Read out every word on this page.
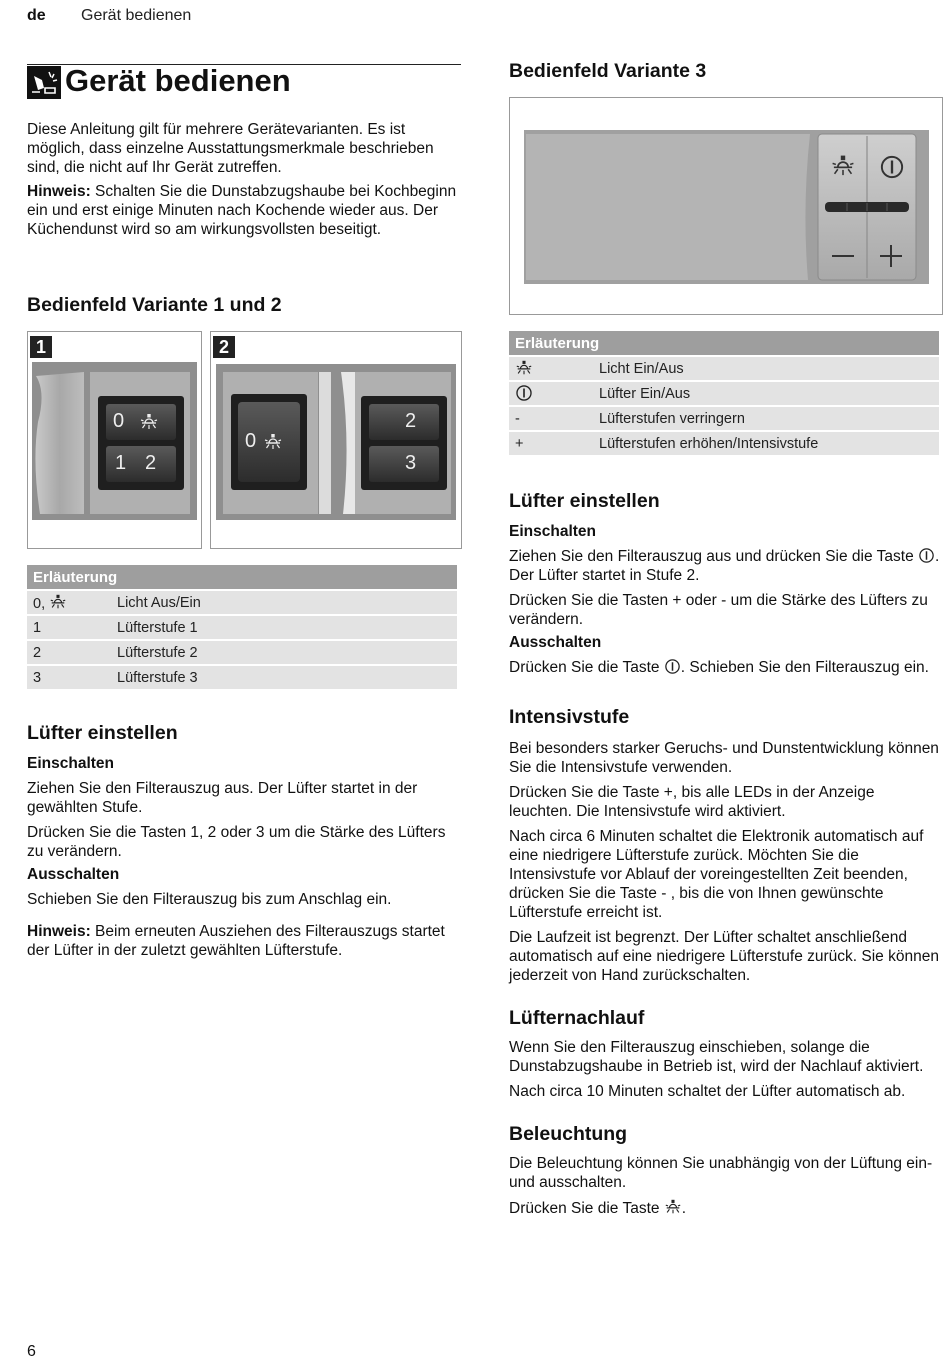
de Gerät bedienen
Gerät bedienen

Diese Anleitung gilt für mehrere Gerätevarianten. Es ist möglich, dass einzelne Ausstattungsmerkmale beschrieben sind, die nicht auf Ihr Gerät zutreffen.

Hinweis: Schalten Sie die Dunstabzugshaube bei Kochbeginn ein und erst einige Minuten nach Kochende wieder aus. Der Küchendunst wird so am wirkungsvollsten beseitigt.

Bedienfeld Variante 1 und 2
1
0
1 2
2
0
2
3
Erläuterung	
0,	Licht Aus/Ein
1	Lüfterstufe 1
2	Lüfterstufe 2
3	Lüfterstufe 3
Lüfter einstellen
Einschalten

Ziehen Sie den Filterauszug aus. Der Lüfter startet in der gewählten Stufe.

Drücken Sie die Tasten 1, 2 oder 3 um die Stärke des Lüfters zu verändern.

Ausschalten

Schieben Sie den Filterauszug bis zum Anschlag ein.

Hinweis: Beim erneuten Ausziehen des Filterauszugs startet der Lüfter in der zuletzt gewählten Lüfterstufe.

Bedienfeld Variante 3
Erläuterung	
	Licht Ein/Aus
	Lüfter Ein/Aus
-	Lüfterstufen verringern
+	Lüfterstufen erhöhen/Intensivstufe
Lüfter einstellen
Einschalten

Ziehen Sie den Filterauszug aus und drücken Sie die Taste . Der Lüfter startet in Stufe 2.

Drücken Sie die Tasten + oder - um die Stärke des Lüfters zu verändern.

Ausschalten

Drücken Sie die Taste . Schieben Sie den Filterauszug ein.

Intensivstufe

Bei besonders starker Geruchs- und Dunstentwicklung können Sie die Intensivstufe verwenden.

Drücken Sie die Taste +, bis alle LEDs in der Anzeige leuchten. Die Intensivstufe wird aktiviert.

Nach circa 6 Minuten schaltet die Elektronik automatisch auf eine niedrigere Lüfterstufe zurück. Möchten Sie die Intensivstufe vor Ablauf der voreingestellten Zeit beenden, drücken Sie die Taste - , bis die von Ihnen gewünschte Lüfterstufe erreicht ist.

Die Laufzeit ist begrenzt. Der Lüfter schaltet anschließend automatisch auf eine niedrigere Lüfterstufe zurück. Sie können jederzeit von Hand zurückschalten.

Lüfternachlauf

Wenn Sie den Filterauszug einschieben, solange die Dunstabzugshaube in Betrieb ist, wird der Nachlauf aktiviert.

Nach circa 10 Minuten schaltet der Lüfter automatisch ab.

Beleuchtung

Die Beleuchtung können Sie unabhängig von der Lüftung ein- und ausschalten.

Drücken Sie die Taste .

6
